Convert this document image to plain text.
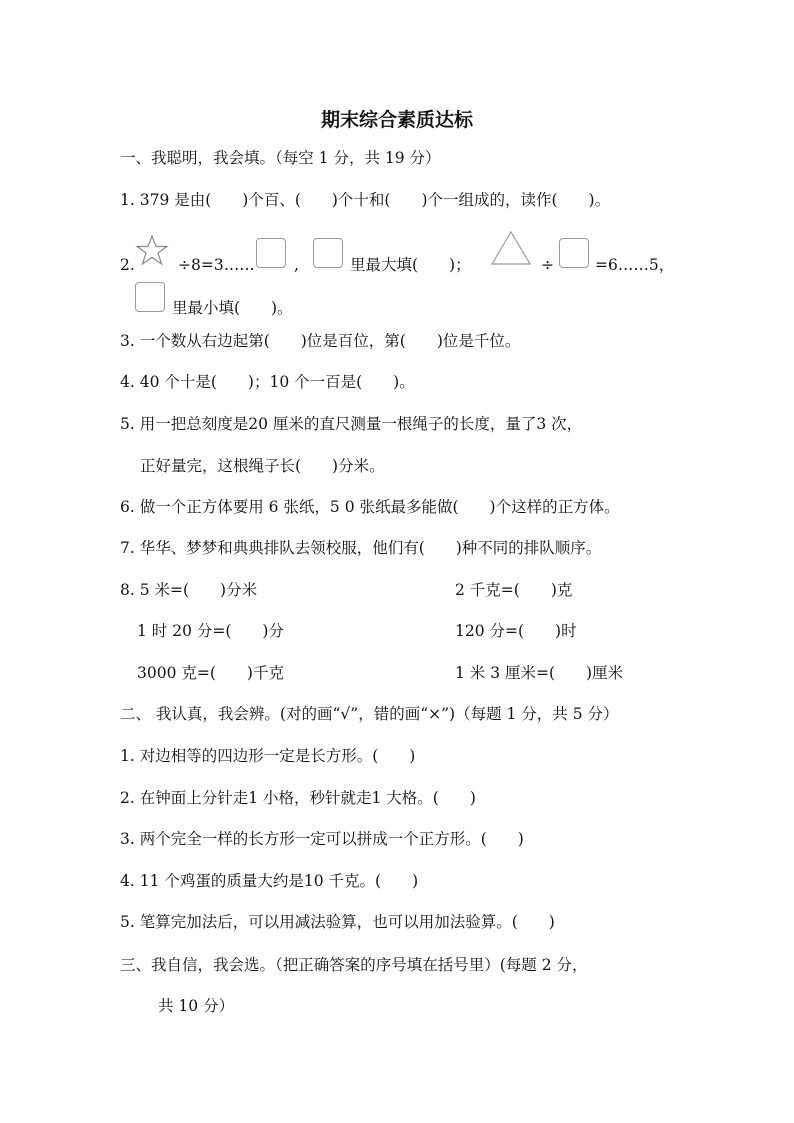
期末综合素质达标
一、我聪明，我会填。（每空 1 分，共 19 分）
1. 379 是由(　　)个百、(　　)个十和(　　)个一组成的，读作(　　)。
2.	÷8=3……	,	里最大填(　　)；	÷	=6……5，
里最小填(　　)。
3. 一个数从右边起第(　　)位是百位，第(　　)位是千位。
4. 40 个十是(　　)；10 个一百是(　　)。
5. 用一把总刻度是20 厘米的直尺测量一根绳子的长度，量了3 次，
正好量完，这根绳子长(　　)分米。
6. 做一个正方体要用 6 张纸，5 0 张纸最多能做(　　)个这样的正方体。
7. 华华、梦梦和典典排队去领校服，他们有(　　)种不同的排队顺序。
8. 5 米=(　　)分米	2 千克=(　　)克
1 时 20 分=(　　)分	120 分=(　　)时
3000 克=(　　)千克	1 米 3 厘米=(　　)厘米
二、 我认真，我会辨。(对的画“√”，错的画“×”)（每题 1 分，共 5 分）
1. 对边相等的四边形一定是长方形。(　　)
2. 在钟面上分针走1 小格，秒针就走1 大格。(　　)
3. 两个完全一样的长方形一定可以拼成一个正方形。(　　)
4. 11 个鸡蛋的质量大约是10 千克。(　　)
5. 笔算完加法后，可以用减法验算，也可以用加法验算。(　　)
三、我自信，我会选。（把正确答案的序号填在括号里）(每题 2 分，
共 10 分）
